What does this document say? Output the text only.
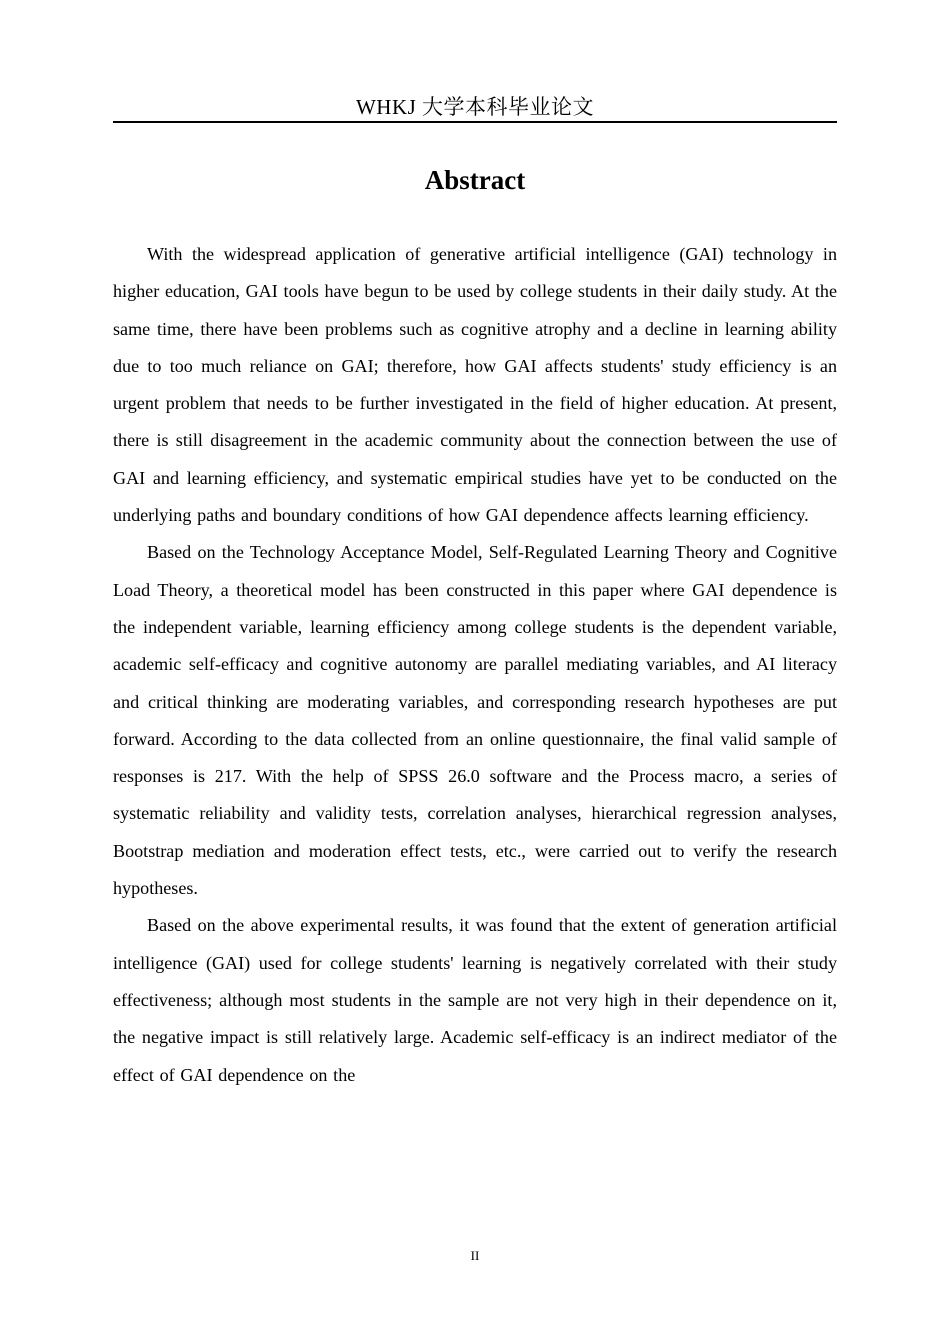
WHKJ 大学本科毕业论文
Abstract

With the widespread application of generative artificial intelligence (GAI) technology in higher education, GAI tools have begun to be used by college students in their daily study. At the same time, there have been problems such as cognitive atrophy and a decline in learning ability due to too much reliance on GAI; therefore, how GAI affects students' study efficiency is an urgent problem that needs to be further investigated in the field of higher education. At present, there is still disagreement in the academic community about the connection between the use of GAI and learning efficiency, and systematic empirical studies have yet to be conducted on the underlying paths and boundary conditions of how GAI dependence affects learning efficiency.

Based on the Technology Acceptance Model, Self-Regulated Learning Theory and Cognitive Load Theory, a theoretical model has been constructed in this paper where GAI dependence is the independent variable, learning efficiency among college students is the dependent variable, academic self-efficacy and cognitive autonomy are parallel mediating variables, and AI literacy and critical thinking are moderating variables, and corresponding research hypotheses are put forward. According to the data collected from an online questionnaire, the final valid sample of responses is 217. With the help of SPSS 26.0 software and the Process macro, a series of systematic reliability and validity tests, correlation analyses, hierarchical regression analyses, Bootstrap mediation and moderation effect tests, etc., were carried out to verify the research hypotheses.

Based on the above experimental results, it was found that the extent of generation artificial intelligence (GAI) used for college students' learning is negatively correlated with their study effectiveness; although most students in the sample are not very high in their dependence on it, the negative impact is still relatively large. Academic self-efficacy is an indirect mediator of the effect of GAI dependence on the

II
